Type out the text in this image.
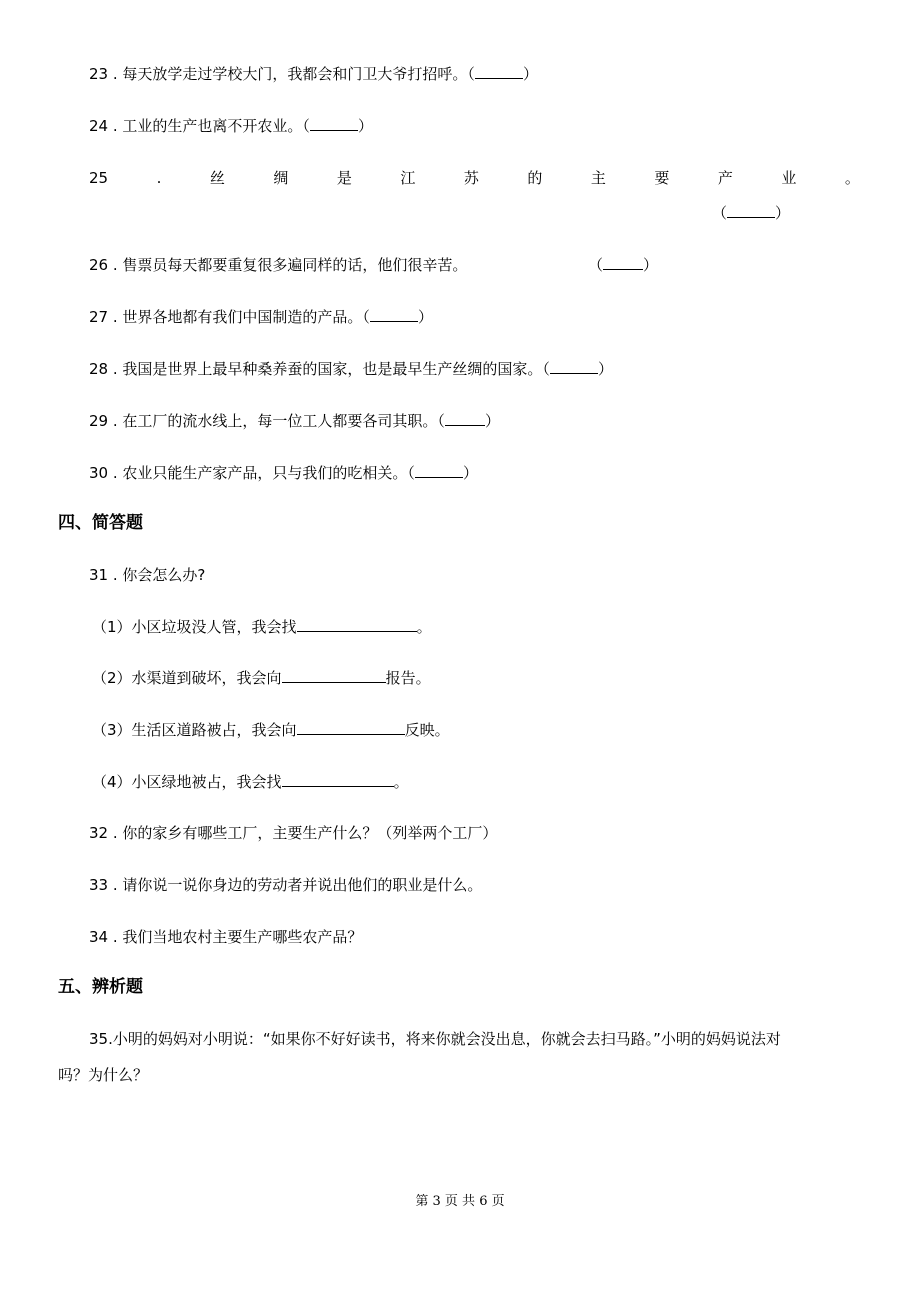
23 . 每天放学走过学校大门，我都会和门卫大爷打招呼。（	）
24 . 工业的生产也离不开农业。（	）
25	.	丝	绸	是	江	苏	的	主	要	产	业	。
（	）
26 . 售票员每天都要重复很多遍同样的话，他们很辛苦。	（	）
27 . 世界各地都有我们中国制造的产品。（	）
28 . 我国是世界上最早种桑养蚕的国家，也是最早生产丝绸的国家。（	）
29 . 在工厂的流水线上，每一位工人都要各司其职。（	）
30 . 农业只能生产家产品，只与我们的吃相关。（	）
四、简答题
31 . 你会怎么办?
（1）小区垃圾没人管，我会找	。
（2）水渠道到破坏，我会向	报告。
（3）生活区道路被占，我会向	反映。
（4）小区绿地被占，我会找	。
32 . 你的家乡有哪些工厂，主要生产什么？（列举两个工厂）
33 . 请你说一说你身边的劳动者并说出他们的职业是什么。
34 . 我们当地农村主要生产哪些农产品？
五、辨析题
35.小明的妈妈对小明说：“如果你不好好读书，将来你就会没出息，你就会去扫马路。”小明的妈妈说法对
吗？为什么？
第 3 页 共 6 页
